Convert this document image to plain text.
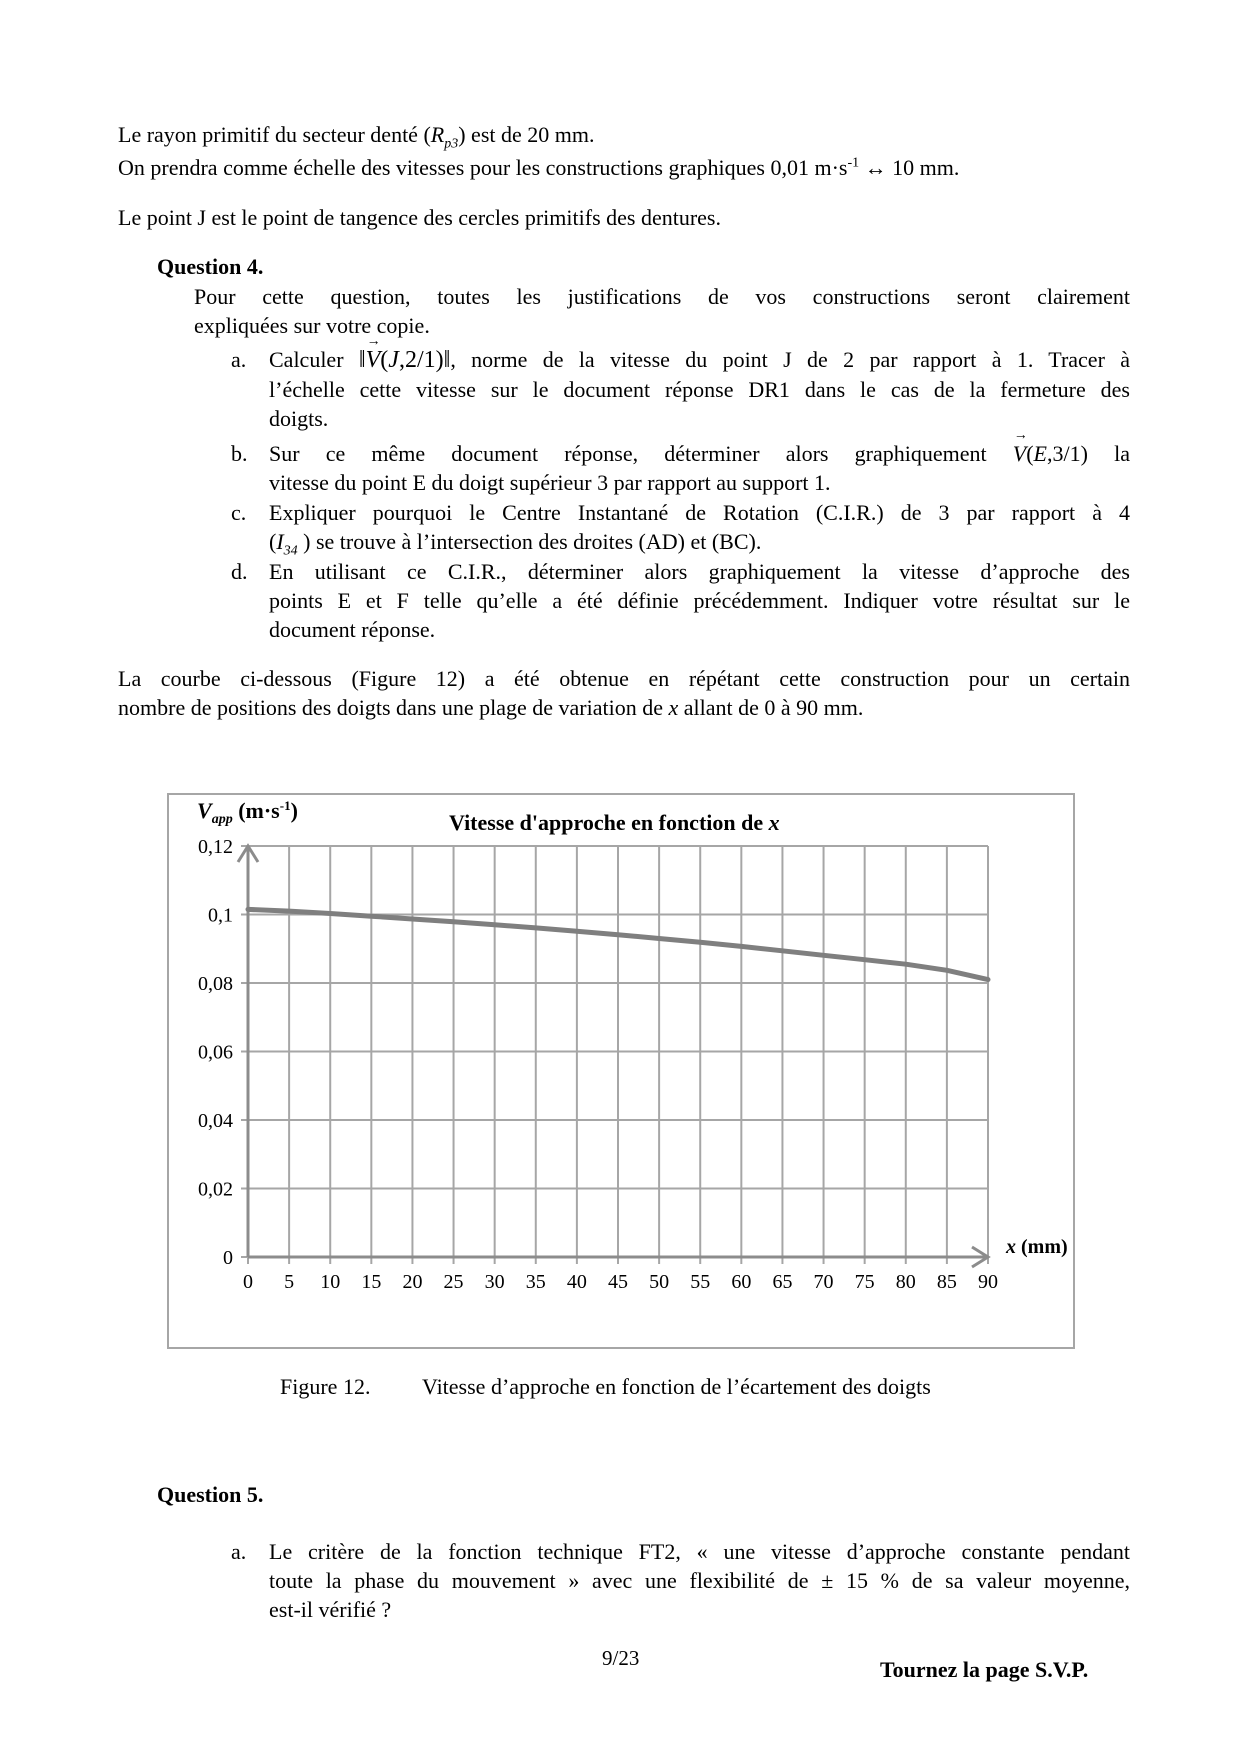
Le rayon primitif du secteur denté $(R_{p3})$ est de 20 mm.
On prendra comme échelle des vitesses pour les constructions graphiques 0,01 $m\cdot s^{-1}$ ↔ 10 mm.
Le point J est le point de tangence des cercles primitifs des dentures.
Question 4.
Pour cette question, toutes les justifications de vos constructions seront clairement
expliquées sur votre copie.
a. Calculer ‖→ V(J,2/1)‖, norme de la vitesse du point J de 2 par rapport à 1. Tracer à
l’échelle cette vitesse sur le document réponse DR1 dans le cas de la fermeture des
doigts.
b. Sur ce même document réponse, déterminer alors graphiquement → V(E,3/1) la
vitesse du point E du doigt supérieur 3 par rapport au support 1.
c. Expliquer pourquoi le Centre Instantané de Rotation (C.I.R.) de 3 par rapport à 4
($I_{34}$ ) se trouve à l’intersection des droites (AD) et (BC).
d. En utilisant ce C.I.R., déterminer alors graphiquement la vitesse d’approche des
points E et F telle qu’elle a été définie précédemment. Indiquer votre résultat sur le
document réponse.
La courbe ci-dessous (Figure 12) a été obtenue en répétant cette construction pour un certain
nombre de positions des doigts dans une plage de variation de x allant de 0 à 90 mm.
0 5 10 15 20 25 30 35 40 45 50 55 60 65 70 75 80 85 90
0
0,02
0,04
0,06
0,08
0,1
0,12
$V_{app}$ $(m\cdot s^{-1})$	Vitesse d'approche en fonction de x
x (mm)
Figure 12. Vitesse d’approche en fonction de l’écartement des doigts
Question 5.
a. Le critère de la fonction technique FT2, « une vitesse d’approche constante pendant
toute la phase du mouvement » avec une flexibilité de ± 15 % de sa valeur moyenne,
est-il vérifié ?
9/23	Tournez la page S.V.P.
